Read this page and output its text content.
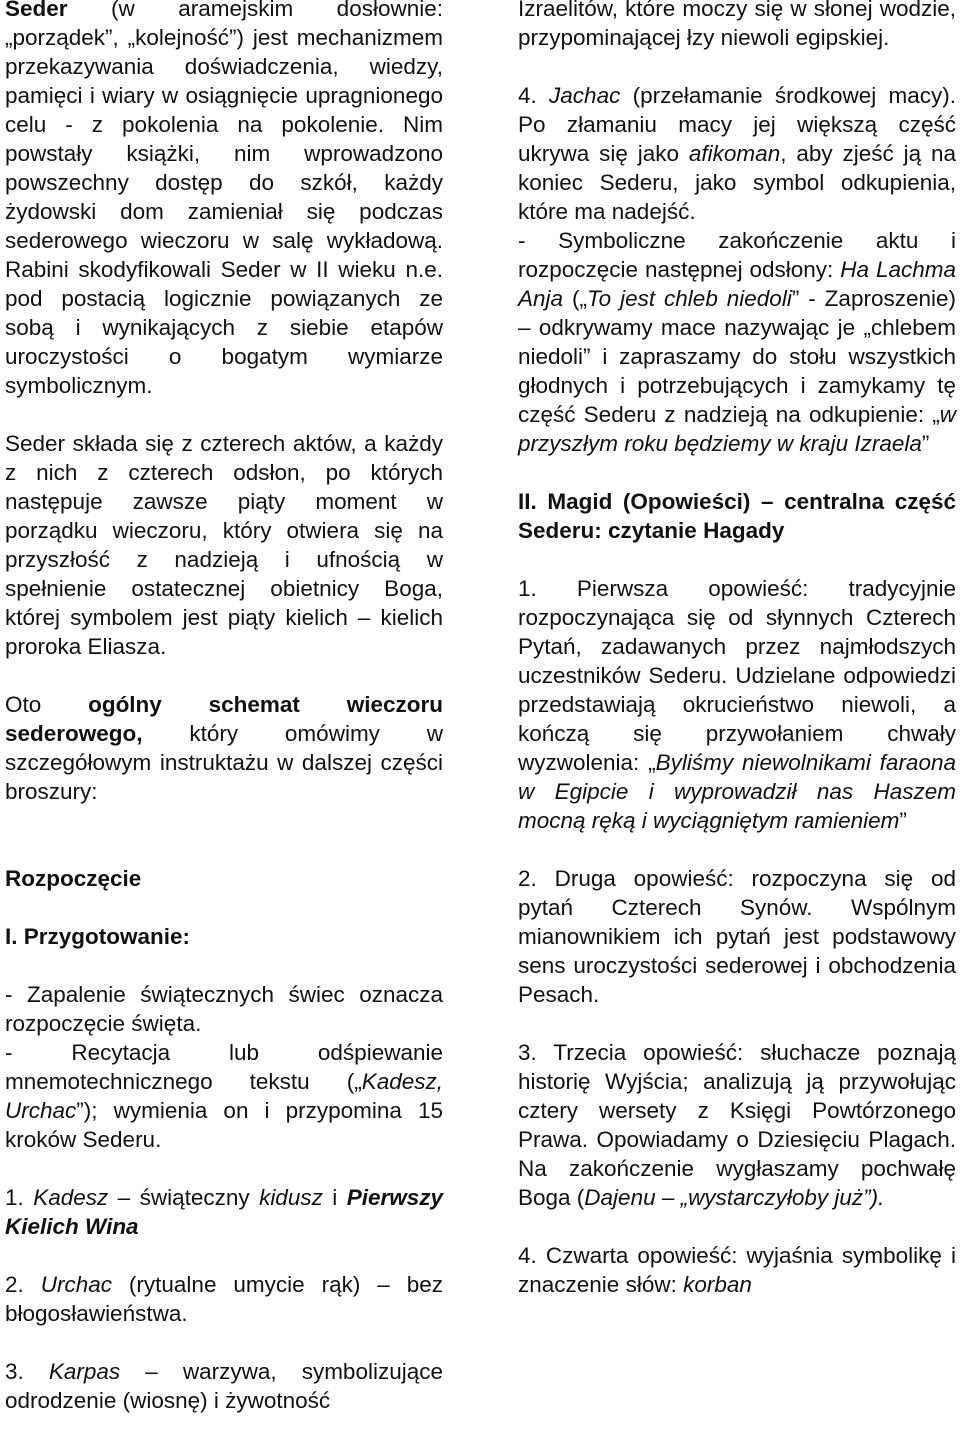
Seder (w aramejskim dosłownie: „porządek”, „kolejność”) jest mechanizmem przekazywania doświadczenia, wiedzy, pamięci i wiary w osiągnięcie upragnionego celu - z pokolenia na pokolenie. Nim powstały książki, nim wprowadzono powszechny dostęp do szkół, każdy żydowski dom zamieniał się podczas sederowego wieczoru w salę wykładową. Rabini skodyfikowali Seder w II wieku n.e. pod postacią logicznie powiązanych ze sobą i wynikających z siebie etapów uroczystości o bogatym wymiarze symbolicznym.

Seder składa się z czterech aktów, a każdy z nich z czterech odsłon, po których następuje zawsze piąty moment w porządku wieczoru, który otwiera się na przyszłość z nadzieją i ufnością w spełnienie ostatecznej obietnicy Boga, której symbolem jest piąty kielich – kielich proroka Eliasza.

Oto ogólny schemat wieczoru sederowego, który omówimy w szczegółowym instruktażu w dalszej części broszury:

Rozpoczęcie

I. Przygotowanie:

- Zapalenie świątecznych świec oznacza rozpoczęcie święta.

- Recytacja lub odśpiewanie mnemotechnicznego tekstu („Kadesz, Urchac”); wymienia on i przypomina 15 kroków Sederu.

1. Kadesz – świąteczny kidusz i Pierwszy Kielich Wina

2. Urchac (rytualne umycie rąk) – bez błogosławieństwa.

3. Karpas – warzywa, symbolizujące odrodzenie (wiosnę) i żywotność

Izraelitów, które moczy się w słonej wodzie, przypominającej łzy niewoli egipskiej.

4. Jachac (przełamanie środkowej macy). Po złamaniu macy jej większą część ukrywa się jako afikoman, aby zjeść ją na koniec Sederu, jako symbol odkupienia, które ma nadejść.

- Symboliczne zakończenie aktu i rozpoczęcie następnej odsłony: Ha Lachma Anja („To jest chleb niedoli” - Zaproszenie) – odkrywamy mace nazywając je „chlebem niedoli” i zapraszamy do stołu wszystkich głodnych i potrzebujących i zamykamy tę część Sederu z nadzieją na odkupienie: „w przyszłym roku będziemy w kraju Izraela”

II. Magid (Opowieści) – centralna część Sederu: czytanie Hagady

1. Pierwsza opowieść: tradycyjnie rozpoczynająca się od słynnych Czterech Pytań, zadawanych przez najmłodszych uczestników Sederu. Udzielane odpowiedzi przedstawiają okrucieństwo niewoli, a kończą się przywołaniem chwały wyzwolenia: „Byliśmy niewolnikami faraona w Egipcie i wyprowadził nas Haszem mocną ręką i wyciągniętym ramieniem”

2. Druga opowieść: rozpoczyna się od pytań Czterech Synów. Wspólnym mianownikiem ich pytań jest podstawowy sens uroczystości sederowej i obchodzenia Pesach.

3. Trzecia opowieść: słuchacze poznają historię Wyjścia; analizują ją przywołując cztery wersety z Księgi Powtórzonego Prawa. Opowiadamy o Dziesięciu Plagach. Na zakończenie wygłaszamy pochwałę Boga (Dajenu – „wystarczyłoby już”).

4. Czwarta opowieść: wyjaśnia symbolikę i znaczenie słów: korban
